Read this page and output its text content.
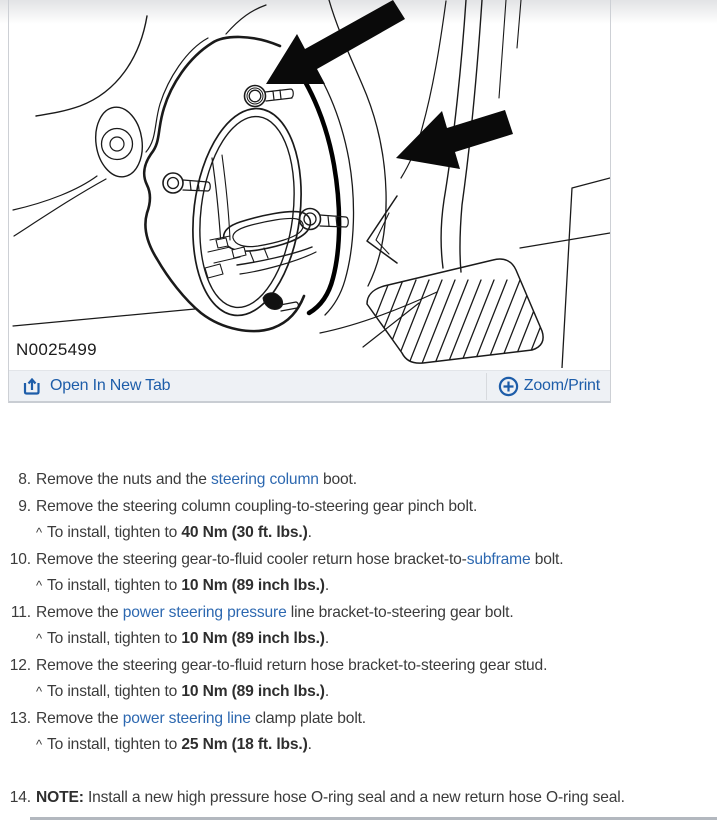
N0025499
Open In New Tab	Zoom/Print
8. Remove the nuts and the steering column boot.
9. Remove the steering column coupling-to-steering gear pinch bolt.
^ To install, tighten to 40 Nm (30 ft. lbs.).
10. Remove the steering gear-to-fluid cooler return hose bracket-to-subframe bolt.
^ To install, tighten to 10 Nm (89 inch lbs.).
11. Remove the power steering pressure line bracket-to-steering gear bolt.
^ To install, tighten to 10 Nm (89 inch lbs.).
12. Remove the steering gear-to-fluid return hose bracket-to-steering gear stud.
^ To install, tighten to 10 Nm (89 inch lbs.).
13. Remove the power steering line clamp plate bolt.
^ To install, tighten to 25 Nm (18 ft. lbs.).
14. NOTE: Install a new high pressure hose O-ring seal and a new return hose O-ring seal.
